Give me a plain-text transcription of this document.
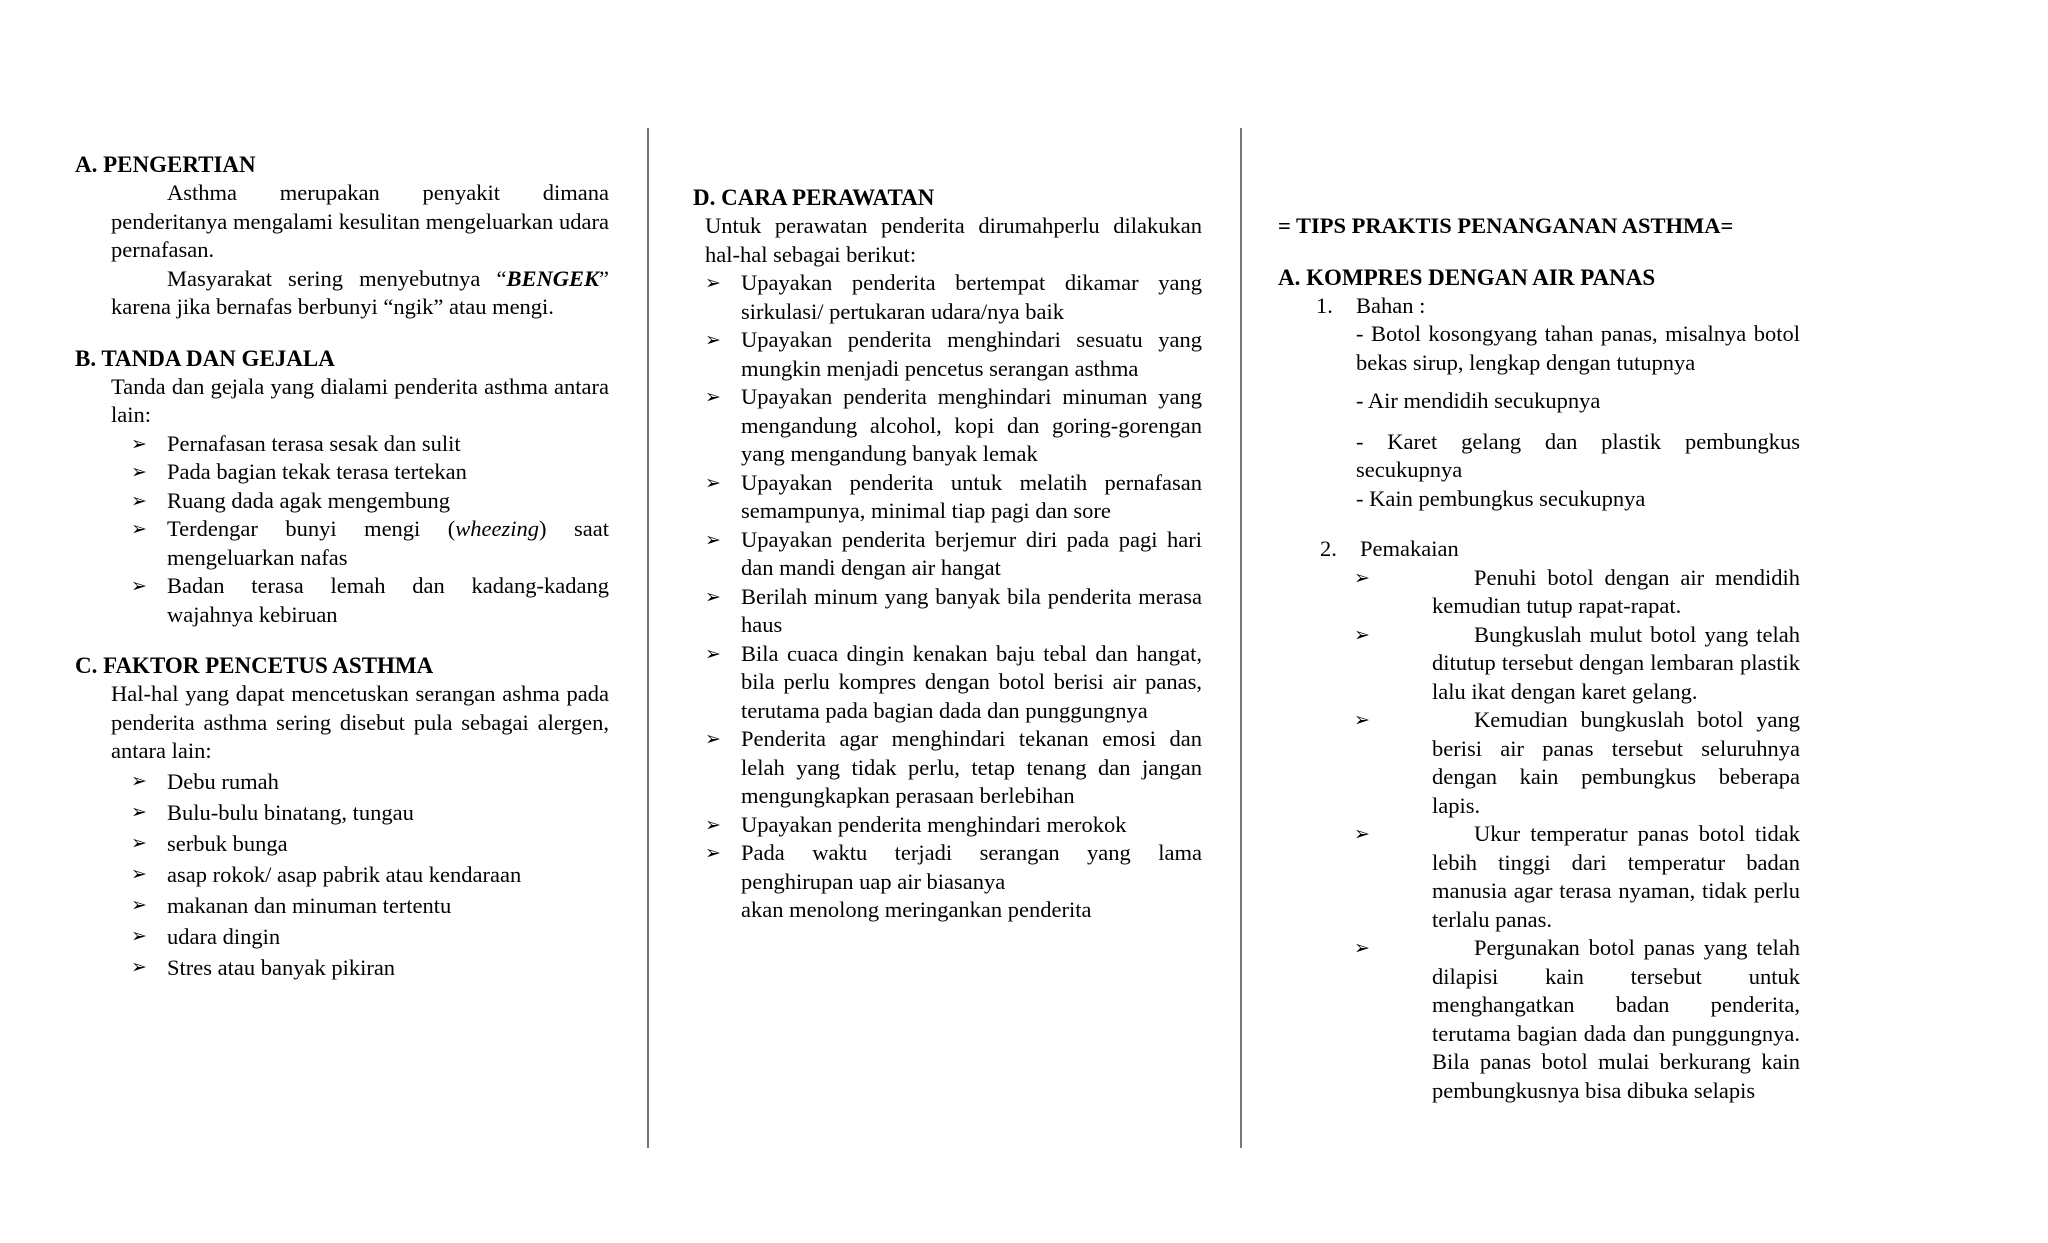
A. PENGERTIAN

Asthma merupakan penyakit dimana penderitanya mengalami kesulitan mengeluarkan udara pernafasan.

Masyarakat sering menyebutnya “BENGEK” karena jika bernafas berbunyi “ngik” atau mengi.

B. TANDA DAN GEJALA

Tanda dan gejala yang dialami penderita asthma antara lain:

➢ Pernafasan terasa sesak dan sulit
➢ Pada bagian tekak terasa tertekan
➢ Ruang dada agak mengembung
➢ Terdengar bunyi mengi (wheezing) saat mengeluarkan nafas
➢ Badan terasa lemah dan kadang-kadang wajahnya kebiruan
C. FAKTOR PENCETUS ASTHMA

Hal-hal yang dapat mencetuskan serangan ashma pada penderita asthma sering disebut pula sebagai alergen, antara lain:

➢ Debu rumah
➢ Bulu-bulu binatang, tungau
➢ serbuk bunga
➢ asap rokok/ asap pabrik atau kendaraan
➢ makanan dan minuman tertentu
➢ udara dingin
➢ Stres atau banyak pikiran
D. CARA PERAWATAN

Untuk perawatan penderita dirumahperlu dilakukan hal-hal sebagai berikut:

➢ Upayakan penderita bertempat dikamar yang sirkulasi/ pertukaran udara/nya baik
➢ Upayakan penderita menghindari sesuatu yang mungkin menjadi pencetus serangan asthma
➢ Upayakan penderita menghindari minuman yang mengandung alcohol, kopi dan goring-gorengan yang mengandung banyak lemak
➢ Upayakan penderita untuk melatih pernafasan semampunya, minimal tiap pagi dan sore
➢ Upayakan penderita berjemur diri pada pagi hari dan mandi dengan air hangat
➢ Berilah minum yang banyak bila penderita merasa haus
➢ Bila cuaca dingin kenakan baju tebal dan hangat, bila perlu kompres dengan botol berisi air panas, terutama pada bagian dada dan punggungnya
➢ Penderita agar menghindari tekanan emosi dan lelah yang tidak perlu, tetap tenang dan jangan mengungkapkan perasaan berlebihan
➢ Upayakan penderita menghindari merokok
➢ Pada waktu terjadi serangan yang lama penghirupan uap air biasanya

akan menolong meringankan penderita

= TIPS PRAKTIS PENANGANAN ASTHMA=

A. KOMPRES DENGAN AIR PANAS

1. Bahan :

- Botol kosongyang tahan panas, misalnya botol bekas sirup, lengkap dengan tutupnya

- Air mendidih secukupnya

- Karet gelang dan plastik pembungkus secukupnya

- Kain pembungkus secukupnya

2. Pemakaian

➢	Penuhi botol dengan air mendidih kemudian tutup rapat-rapat.
➢	Bungkuslah mulut botol yang telah ditutup tersebut dengan lembaran plastik lalu ikat dengan karet gelang.
➢	Kemudian bungkuslah botol yang berisi air panas tersebut seluruhnya dengan kain pembungkus beberapa lapis.
➢	Ukur temperatur panas botol tidak lebih tinggi dari temperatur badan manusia agar terasa nyaman, tidak perlu terlalu panas.
➢	Pergunakan botol panas yang telah dilapisi kain tersebut untuk menghangatkan badan penderita, terutama bagian dada dan punggungnya. Bila panas botol mulai berkurang kain pembungkusnya bisa dibuka selapis
